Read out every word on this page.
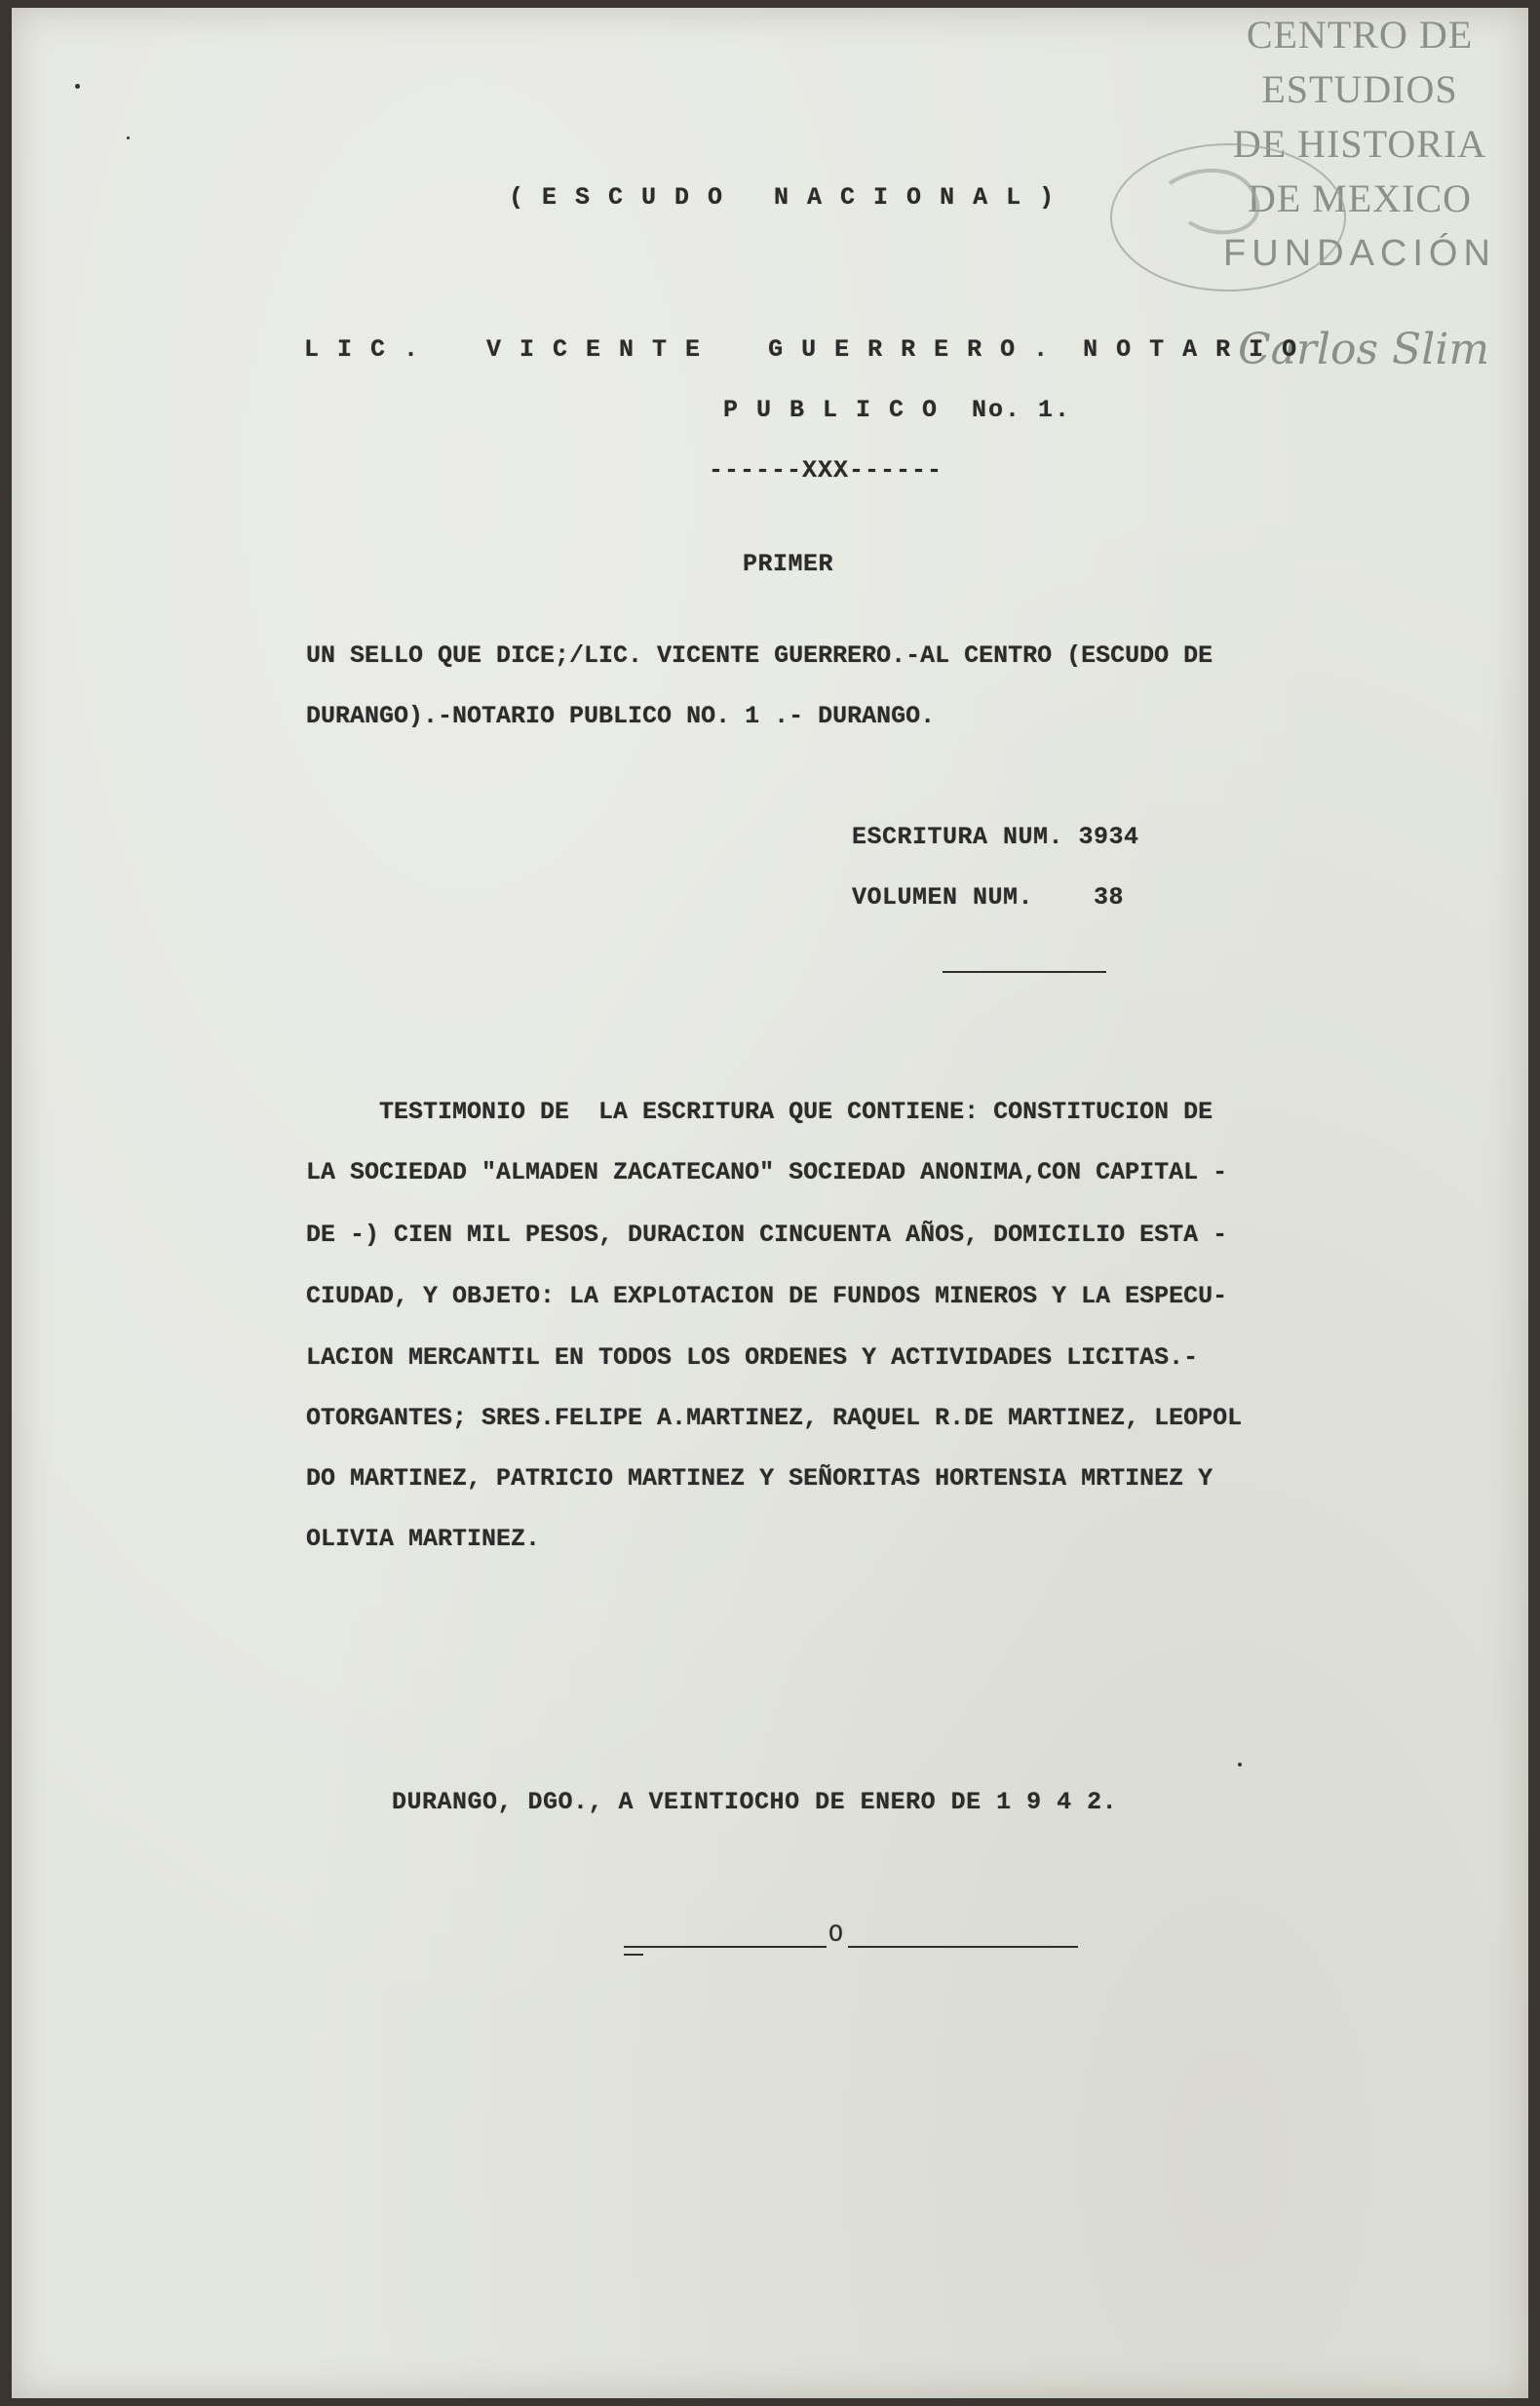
CENTRO DE
ESTUDIOS
DE HISTORIA
DE MEXICO
FUNDACIÓN
Carlos Slim
( E S C U D O   N A C I O N A L )
L I C .    V I C E N T E    G U E R R E R O .  N O T A R I O
P U B L I C O  No. 1.
------XXX------
PRIMER
UN SELLO QUE DICE;/LIC. VICENTE GUERRERO.-AL CENTRO (ESCUDO DE
DURANGO).-NOTARIO PUBLICO NO. 1 .- DURANGO.
ESCRITURA NUM. 3934
VOLUMEN NUM.    38
TESTIMONIO DE  LA ESCRITURA QUE CONTIENE: CONSTITUCION DE
LA SOCIEDAD "ALMADEN ZACATECANO" SOCIEDAD ANONIMA,CON CAPITAL -
DE -) CIEN MIL PESOS, DURACION CINCUENTA AÑOS, DOMICILIO ESTA -
CIUDAD, Y OBJETO: LA EXPLOTACION DE FUNDOS MINEROS Y LA ESPECU-
LACION MERCANTIL EN TODOS LOS ORDENES Y ACTIVIDADES LICITAS.-
OTORGANTES; SRES.FELIPE A.MARTINEZ, RAQUEL R.DE MARTINEZ, LEOPOL
DO MARTINEZ, PATRICIO MARTINEZ Y SEÑORITAS HORTENSIA MRTINEZ Y
OLIVIA MARTINEZ.
DURANGO, DGO., A VEINTIOCHO DE ENERO DE 1 9 4 2.
O
